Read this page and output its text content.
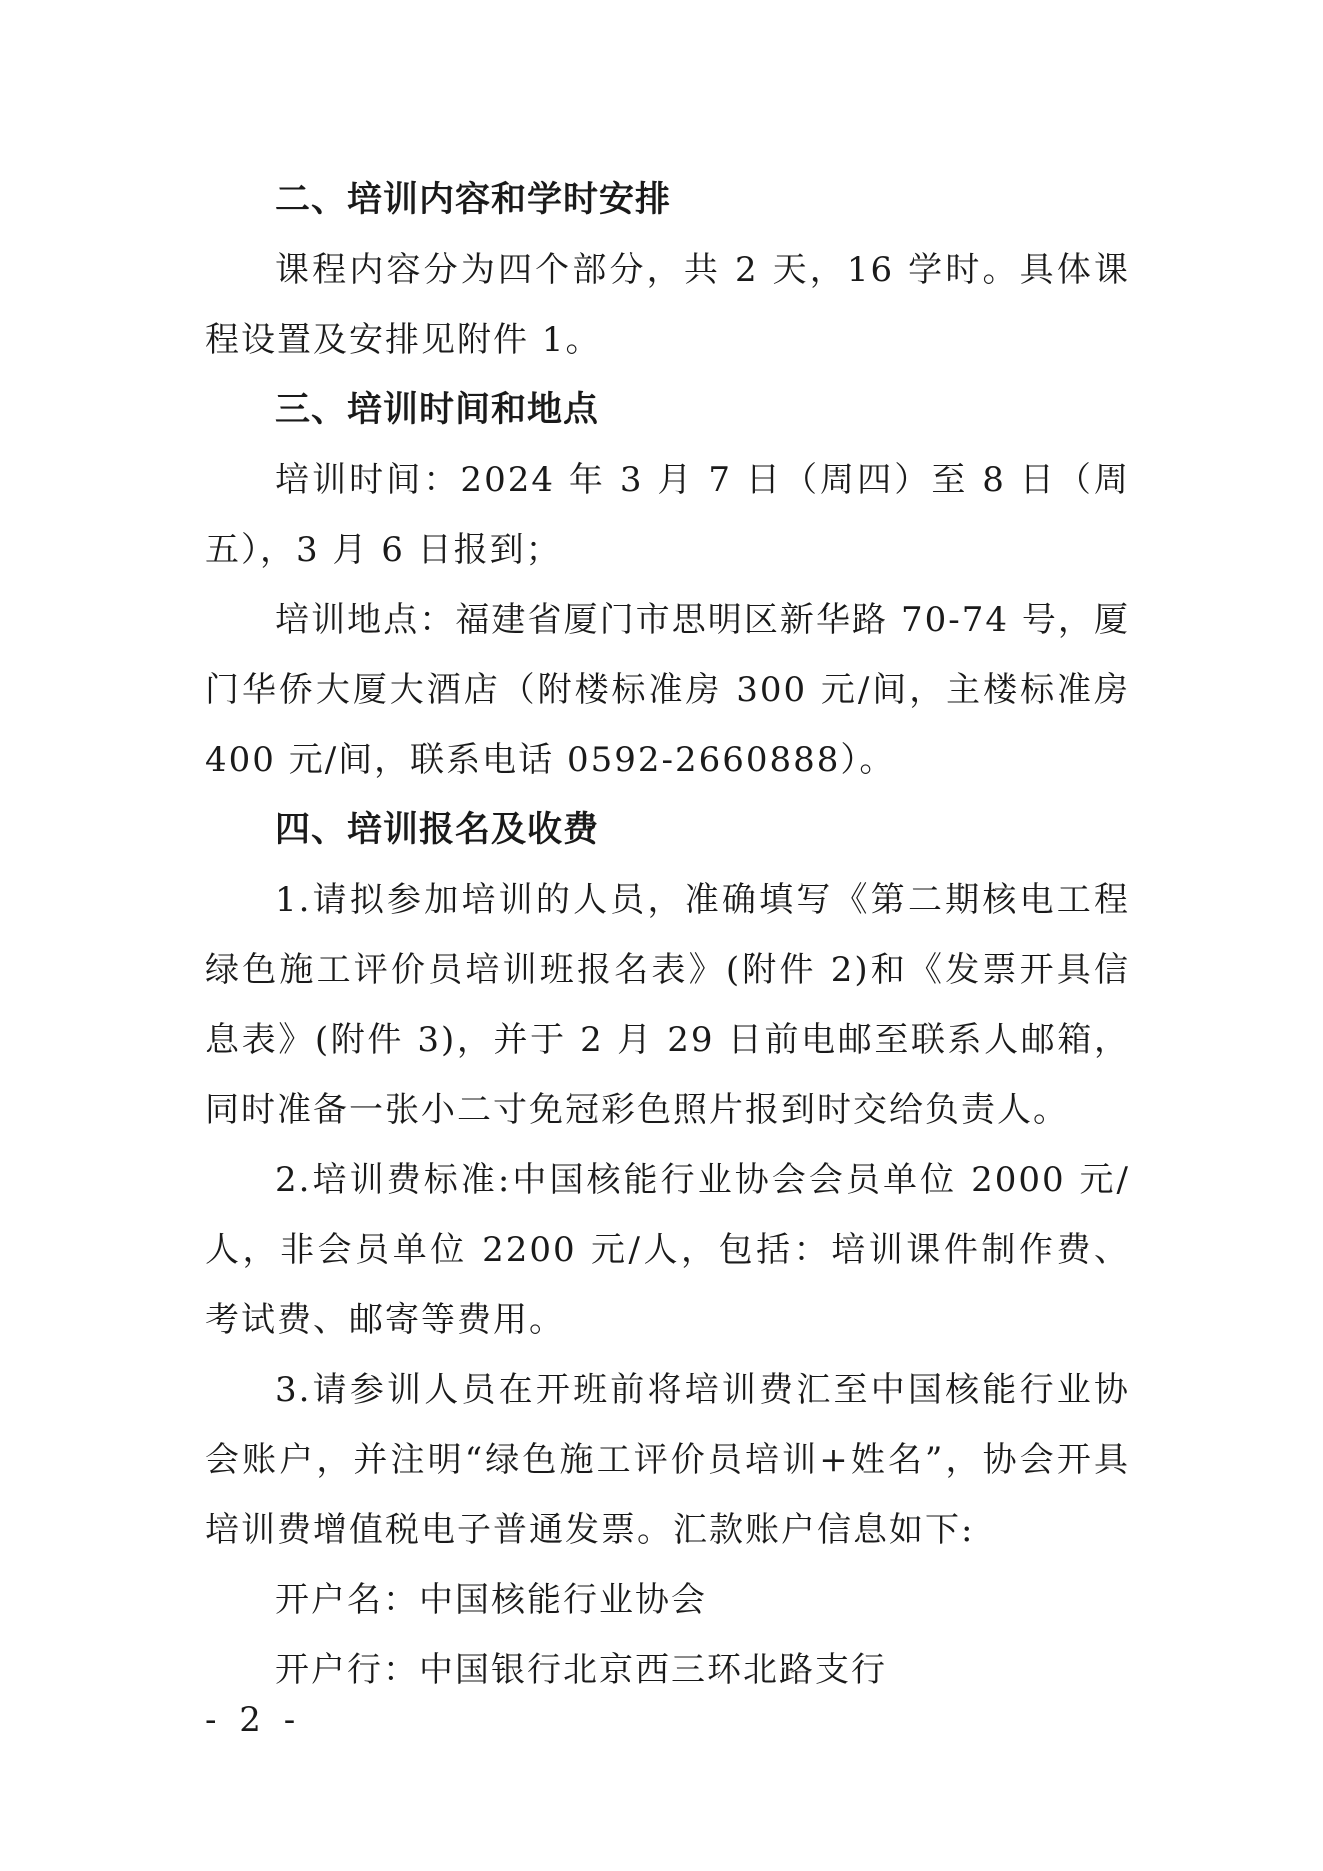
二、培训内容和学时安排

课程内容分为四个部分，共 2 天，16 学时。具体课程设置及安排见附件 1。

三、培训时间和地点

培训时间：2024 年 3 月 7 日（周四）至 8 日（周五），3 月 6 日报到；

培训地点：福建省厦门市思明区新华路 70-74 号，厦门华侨大厦大酒店（附楼标准房 300 元/间，主楼标准房 400 元/间，联系电话 0592-2660888）。

四、培训报名及收费

1.请拟参加培训的人员，准确填写《第二期核电工程绿色施工评价员培训班报名表》(附件 2)和《发票开具信息表》(附件 3)，并于 2 月 29 日前电邮至联系人邮箱，同时准备一张小二寸免冠彩色照片报到时交给负责人。

2.培训费标准:中国核能行业协会会员单位 2000 元/人，非会员单位 2200 元/人，包括：培训课件制作费、考试费、邮寄等费用。

3.请参训人员在开班前将培训费汇至中国核能行业协会账户，并注明“绿色施工评价员培训+姓名”，协会开具培训费增值税电子普通发票。汇款账户信息如下:

开户名：中国核能行业协会

开户行：中国银行北京西三环北路支行

- 2 -
